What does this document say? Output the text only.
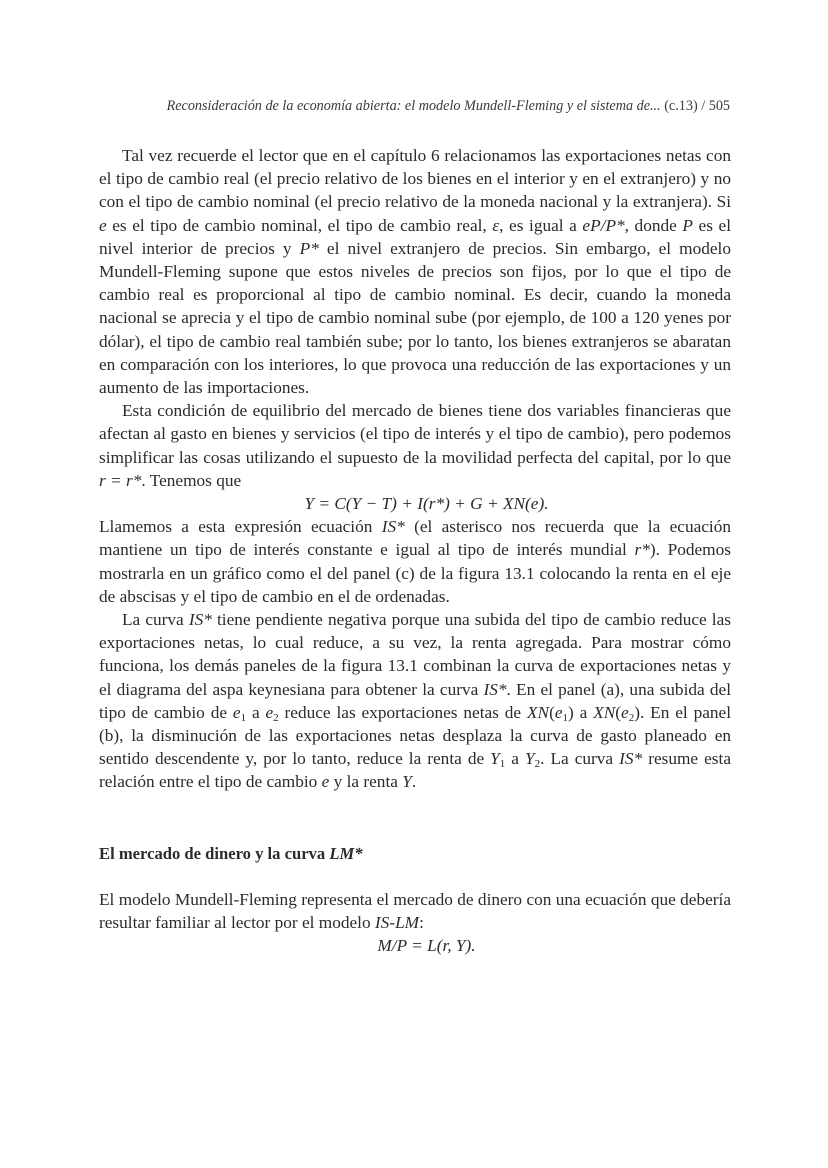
Reconsideración de la economía abierta: el modelo Mundell-Fleming y el sistema de... (c.13) / 505

Tal vez recuerde el lector que en el capítulo 6 relacionamos las exportaciones netas con el tipo de cambio real (el precio relativo de los bienes en el interior y en el extranjero) y no con el tipo de cambio nominal (el precio relativo de la moneda nacional y la extranjera). Si e es el tipo de cambio nominal, el tipo de cambio real, ε, es igual a eP/P*, donde P es el nivel interior de precios y P* el nivel extranjero de precios. Sin embargo, el modelo Mundell-Fleming supone que estos niveles de precios son fijos, por lo que el tipo de cambio real es proporcional al tipo de cambio nominal. Es decir, cuando la moneda nacional se aprecia y el tipo de cambio nominal sube (por ejemplo, de 100 a 120 yenes por dólar), el tipo de cambio real también sube; por lo tanto, los bienes extranjeros se abaratan en comparación con los interiores, lo que provoca una reducción de las exportaciones y un aumento de las importaciones.

Esta condición de equilibrio del mercado de bienes tiene dos variables financieras que afectan al gasto en bienes y servicios (el tipo de interés y el tipo de cambio), pero podemos simplificar las cosas utilizando el supuesto de la movilidad perfecta del capital, por lo que r = r*. Tenemos que

Y = C(Y − T) + I(r*) + G + XN(e).

Llamemos a esta expresión ecuación IS* (el asterisco nos recuerda que la ecuación mantiene un tipo de interés constante e igual al tipo de interés mundial r*). Podemos mostrarla en un gráfico como el del panel (c) de la figura 13.1 colocando la renta en el eje de abscisas y el tipo de cambio en el de ordenadas.

La curva IS* tiene pendiente negativa porque una subida del tipo de cambio reduce las exportaciones netas, lo cual reduce, a su vez, la renta agregada. Para mostrar cómo funciona, los demás paneles de la figura 13.1 combinan la curva de exportaciones netas y el diagrama del aspa keynesiana para obtener la curva IS*. En el panel (a), una subida del tipo de cambio de $e_1$ a $e_2$ reduce las exportaciones netas de $XN(e_1)$ a $XN(e_2)$. En el panel (b), la disminución de las exportaciones netas desplaza la curva de gasto planeado en sentido descendente y, por lo tanto, reduce la renta de $Y_1$ a $Y_2$. La curva IS* resume esta relación entre el tipo de cambio e y la renta Y.

El mercado de dinero y la curva LM*

El modelo Mundell-Fleming representa el mercado de dinero con una ecuación que debería resultar familiar al lector por el modelo IS-LM:

M/P = L(r, Y).
